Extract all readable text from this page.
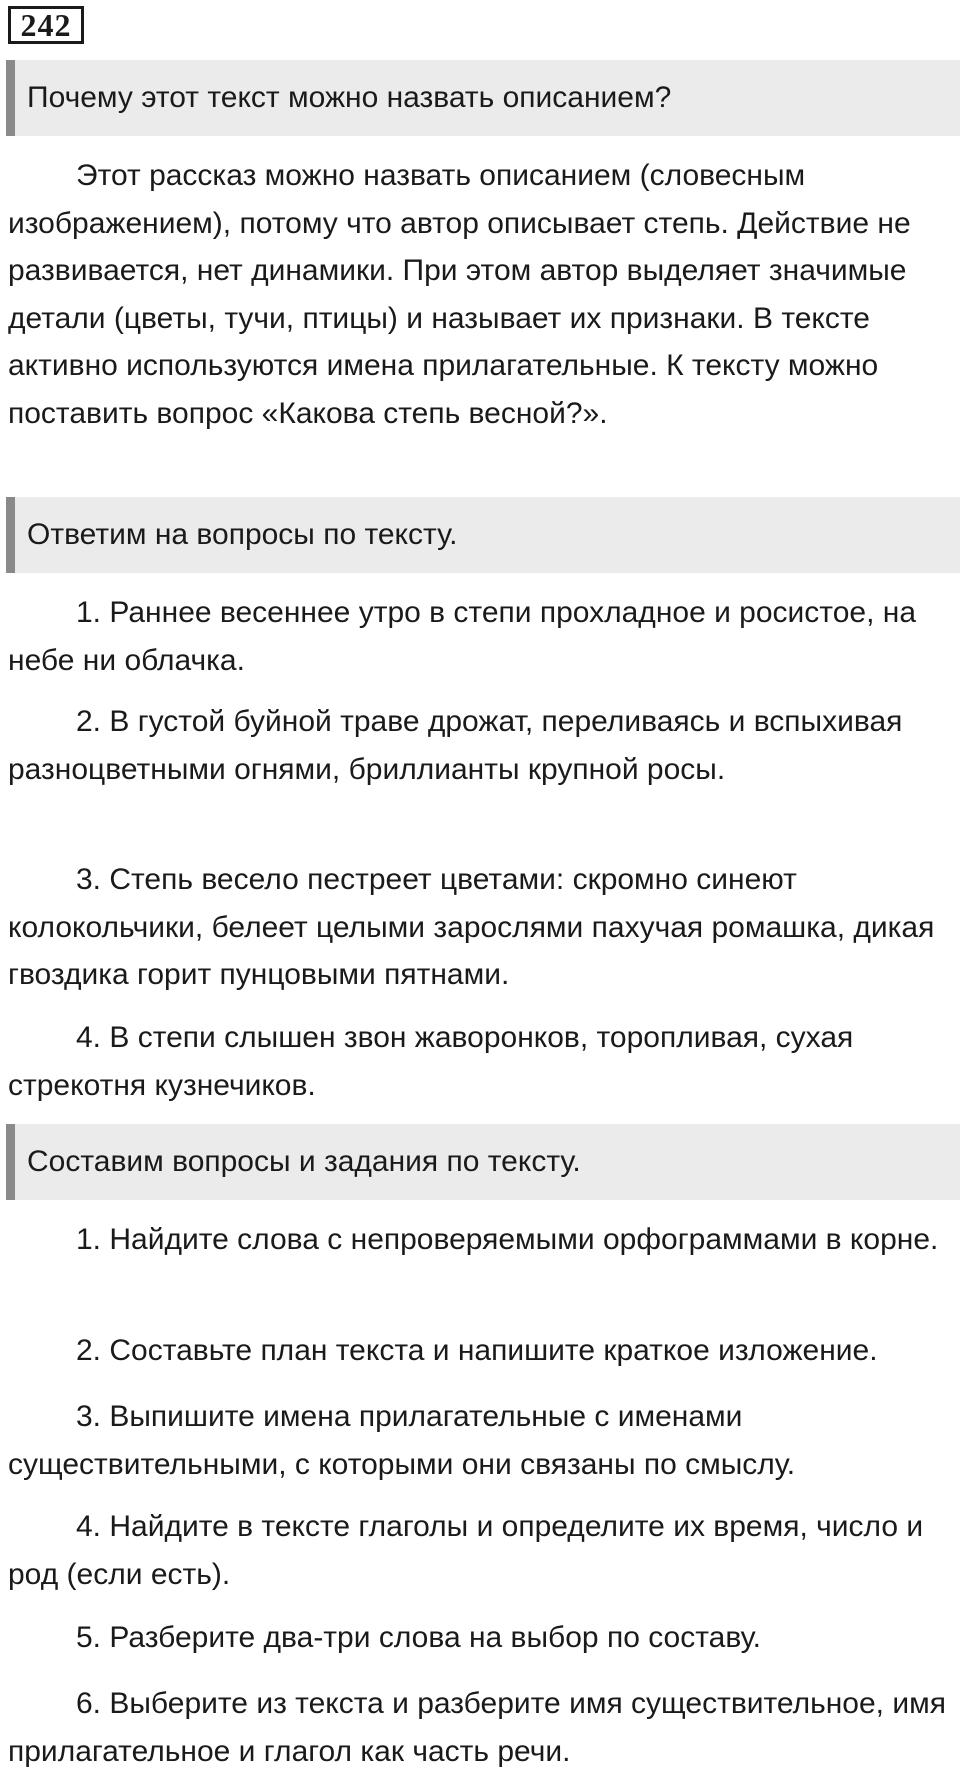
242
Почему этот текст можно назвать описанием?

Этот рассказ можно назвать описанием (словесным изображением), потому что автор описывает степь. Действие не развивается, нет динамики. При этом автор выделяет значимые детали (цветы, тучи, птицы) и называет их признаки. В тексте активно используются имена прилагательные. К тексту можно поставить вопрос «Какова степь весной?».

Ответим на вопросы по тексту.

1. Раннее весеннее утро в степи прохладное и росистое, на небе ни облачка.

2. В густой буйной траве дрожат, переливаясь и вспыхивая разноцветными огнями, бриллианты крупной росы.

3. Степь весело пестреет цветами: скромно синеют колокольчики, белеет целыми зарослями пахучая ромашка, дикая гвоздика горит пунцовыми пятнами.

4. В степи слышен звон жаворонков, торопливая, сухая стрекотня кузнечиков.

Составим вопросы и задания по тексту.

1. Найдите слова с непроверяемыми орфограммами в корне.

2. Составьте план текста и напишите краткое изложение.

3. Выпишите имена прилагательные с именами существительными, с которыми они связаны по смыслу.

4. Найдите в тексте глаголы и определите их время, число и род (если есть).

5. Разберите два-три слова на выбор по составу.

6. Выберите из текста и разберите имя существительное, имя прилагательное и глагол как часть речи.
